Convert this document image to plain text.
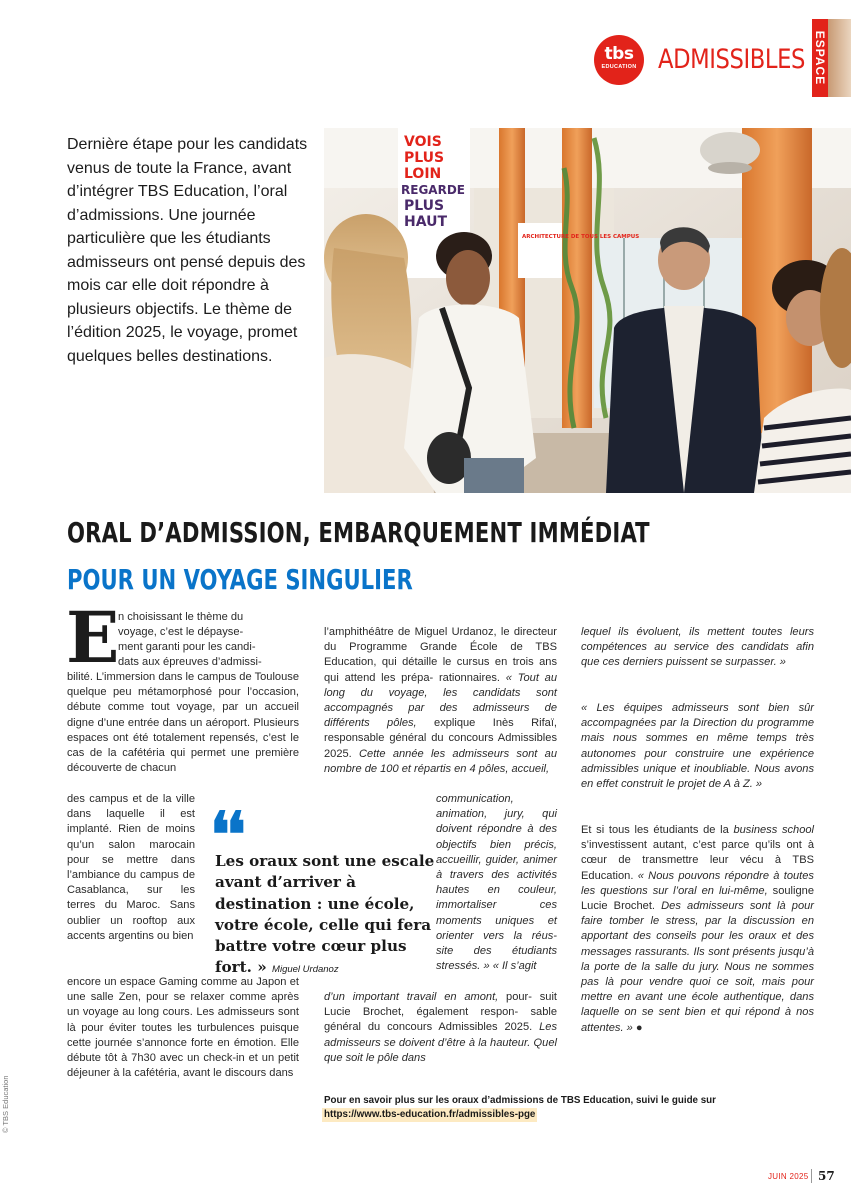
tbs
EDUCATION ADMISSIBLES ESPACE

Dernière étape pour les candidats venus de toute la France, avant d’intégrer TBS Education, l’oral d’admissions. Une journée particulière que les étudiants admisseurs ont pensé depuis des mois car elle doit répondre à plusieurs objectifs. Le thème de l’édition 2025, le voyage, promet quelques belles destinations.

VOIS
PLUS
LOIN
REGARDE
PLUS
HAUT
ARCHITECTURE DE TOUS LES CAMPUS
ORAL D’ADMISSION, EMBARQUEMENT IMMÉDIAT
POUR UN VOYAGE SINGULIER
E
n choisissant le thème du
voyage, c’est le dépayse-
ment garanti pour les candi-
dats aux épreuves d’admissi-

bilité. L’immersion dans le campus de Toulouse quelque peu métamorphosé pour l’occasion, débute comme tout voyage, par un accueil digne d’une entrée dans un aéroport. Plusieurs espaces ont été totalement repensés, c’est le cas de la cafétéria qui permet une première découverte de chacun

des campus et de la ville dans laquelle il est implanté. Rien de moins qu’un salon marocain pour se mettre dans l’ambiance du campus de Casablanca, sur les terres du Maroc. Sans oublier un rooftop aux accents argentins ou bien

encore un espace Gaming comme au Japon et une salle Zen, pour se relaxer comme après un voyage au long cours. Les admisseurs sont là pour éviter toutes les turbulences puisque cette journée s’annonce forte en émotion. Elle débute tôt à 7h30 avec un check-in et un petit déjeuner à la cafétéria, avant le discours dans

❛❛

Les oraux sont une escale avant d’arriver à destination : une école, votre école, celle qui fera battre votre cœur plus fort. » Miguel Urdanoz

l’amphithéâtre de Miguel Urdanoz, le directeur du Programme Grande École de TBS Education, qui détaille le cursus en trois ans qui attend les prépa- rationnaires. « Tout au long du voyage, les candidats sont accompagnés par des admisseurs de différents pôles, explique Inès Rifaï, responsable général du concours Admissibles 2025. Cette année les admisseurs sont au nombre de 100 et répartis en 4 pôles, accueil,

communication, animation, jury, qui doivent répondre à des objectifs bien précis, accueillir, guider, animer à travers des activités hautes en couleur, immortaliser ces moments uniques et orienter vers la réus- site des étudiants stressés. » « Il s’agit

d’un important travail en amont, pour- suit Lucie Brochet, également respon- sable général du concours Admissibles 2025. Les admisseurs se doivent d’être à la hauteur. Quel que soit le pôle dans

lequel ils évoluent, ils mettent toutes leurs compétences au service des candidats afin que ces derniers puissent se surpasser. »

« Les équipes admisseurs sont bien sûr accompagnées par la Direction du programme mais nous sommes en même temps très autonomes pour construire une expérience admissibles unique et inoubliable. Nous avons en effet construit le projet de A à Z. »

Et si tous les étudiants de la business school s’investissent autant, c’est parce qu’ils ont à cœur de transmettre leur vécu à TBS Education. « Nous pouvons répondre à toutes les questions sur l’oral en lui-même, souligne Lucie Brochet. Des admisseurs sont là pour faire tomber le stress, par la discussion en apportant des conseils pour les oraux et des messages rassurants. Ils sont présents jusqu’à la porte de la salle du jury. Nous ne sommes pas là pour vendre quoi ce soit, mais pour mettre en avant une école authentique, dans laquelle on se sent bien et qui répond à nos attentes. » ●

Pour en savoir plus sur les oraux d’admissions de TBS Education, suivi le guide sur
https://www.tbs-education.fr/admissibles-pge
© TBS Education
JUIN 2025 57
